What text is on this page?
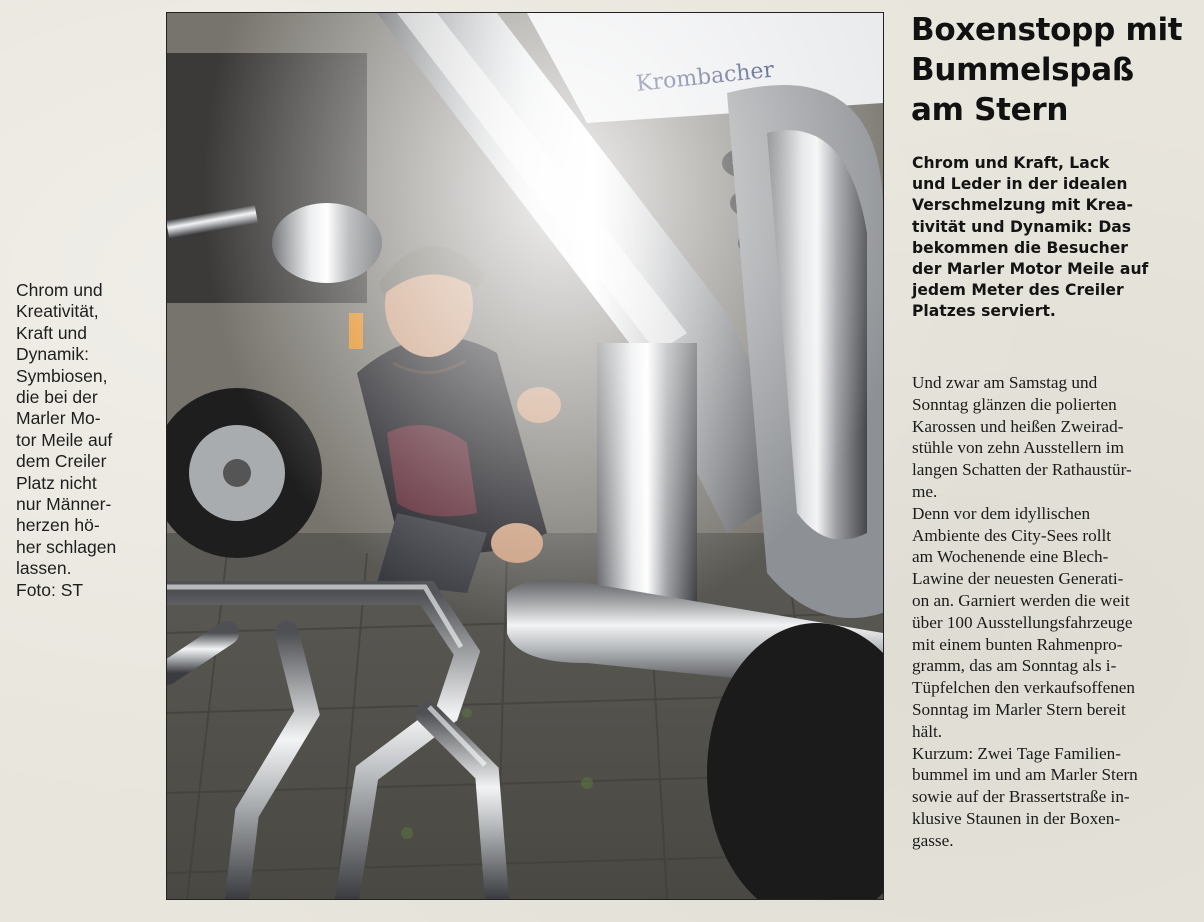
Chrom und
Kreativität,
Kraft und
Dynamik:
Symbiosen,
die bei der
Marler Mo-
tor Meile auf
dem Creiler
Platz nicht
nur Männer-
herzen hö-
her schlagen
lassen.
Foto: ST

Boxenstopp mit
Bummelspaß
am Stern

Chrom und Kraft, Lack
und Leder in der idealen
Verschmelzung mit Krea-
tivität und Dynamik: Das
bekommen die Besucher
der Marler Motor Meile auf
jedem Meter des Creiler
Platzes serviert.

Und zwar am Samstag und
Sonntag glänzen die polierten
Karossen und heißen Zweirad-
stühle von zehn Ausstellern im
langen Schatten der Rathaustür-
me.

Denn vor dem idyllischen
Ambiente des City-Sees rollt
am Wochenende eine Blech-
Lawine der neuesten Generati-
on an. Garniert werden die weit
über 100 Ausstellungsfahrzeuge
mit einem bunten Rahmenpro-
gramm, das am Sonntag als i-
Tüpfelchen den verkaufsoffenen
Sonntag im Marler Stern bereit
hält.

Kurzum: Zwei Tage Familien-
bummel im und am Marler Stern
sowie auf der Brassertstraße in-
klusive Staunen in der Boxen-
gasse.
